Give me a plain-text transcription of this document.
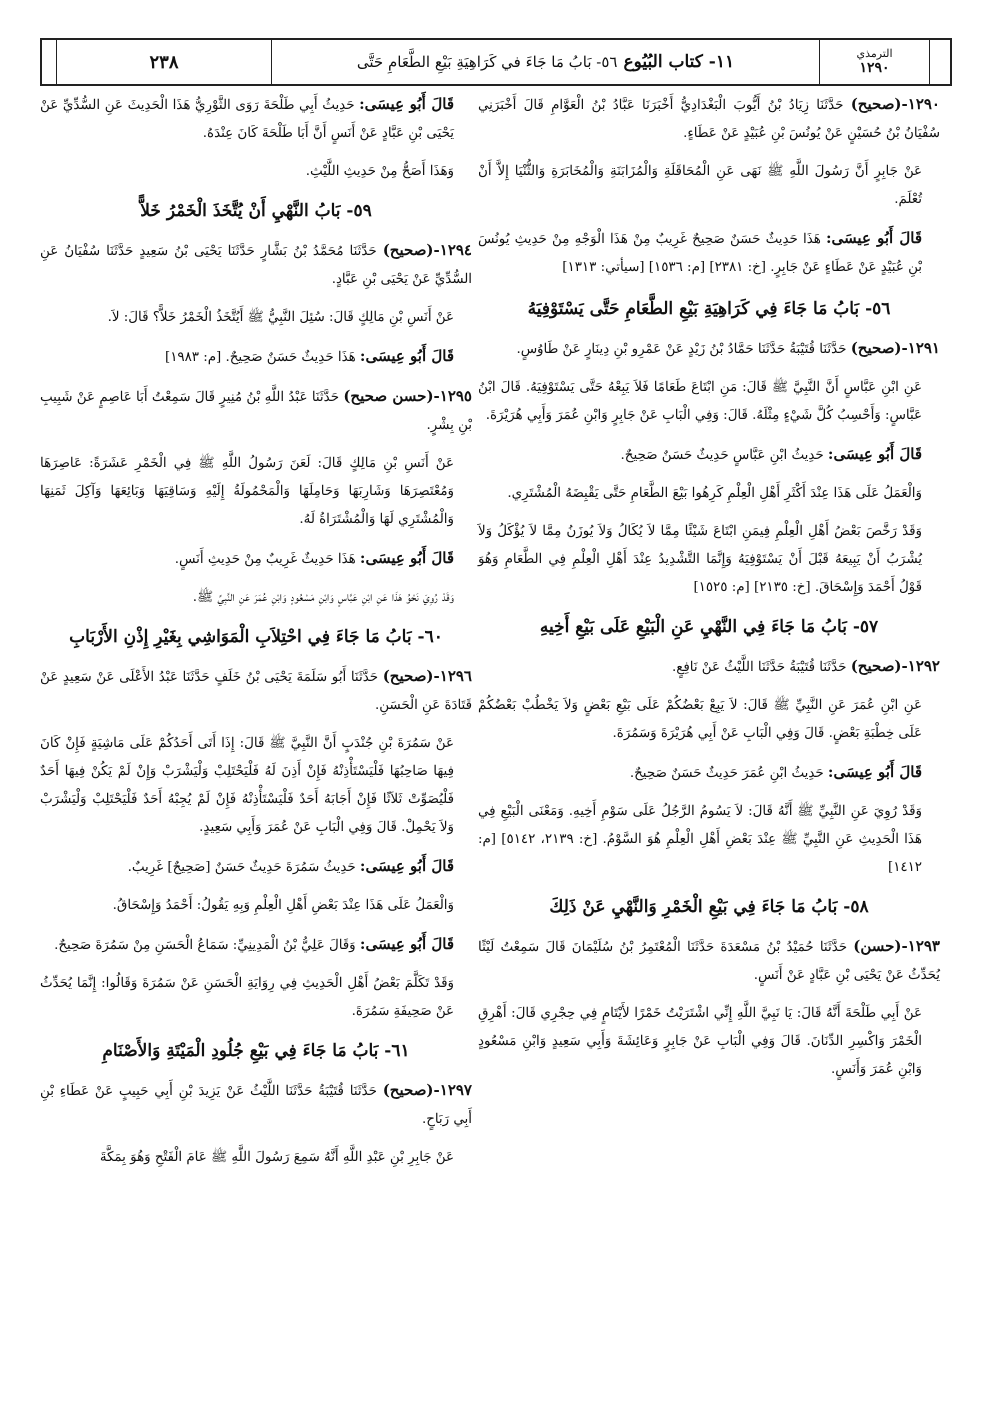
٢٣٨	١١- كتاب البُيُوع
٥٦- بَابُ مَا جَاءَ في كَرَاهِيَةِ بَيْعِ الطَّعَامِ حَتَّى	الترمذي
١٢٩٠
١٢٩٠-(صحيح) حَدَّثَنَا زِيَادُ بْنُ أَيُّوبَ الْبَغْدَادِيُّ أَخْبَرَنَا عَبَّادُ بْنُ الْعَوَّامِ قَالَ أَخْبَرَنِي سُفْيَانُ بْنُ حُسَيْنٍ عَنْ يُونُسَ بْنِ عُبَيْدٍ عَنْ عَطَاءٍ.
عَنْ جَابِرٍ أَنَّ رَسُولَ اللَّهِ ﷺ نَهَى عَنِ الْمُحَاقَلَةِ وَالْمُزَابَنَةِ وَالْمُخَابَرَةِ وَالثُّنْيَا إِلاَّ أَنْ تُعْلَمَ.
قَالَ أَبُو عِيسَى: هَذَا حَدِيثٌ حَسَنٌ صَحِيحٌ غَرِيبٌ مِنْ هَذَا الْوَجْهِ مِنْ حَدِيثِ يُونُسَ بْنِ عُبَيْدٍ عَنْ عَطَاءٍ عَنْ جَابِرٍ. [خ: ٢٣٨١] [م: ١٥٣٦] [سيأتي: ١٣١٣]
٥٦- بَابُ مَا جَاءَ فِي كَرَاهِيَةِ بَيْعِ الطَّعَامِ حَتَّى يَسْتَوْفِيَهُ
١٢٩١-(صحيح) حَدَّثَنَا قُتَيْبَةُ حَدَّثَنَا حَمَّادُ بْنُ زَيْدٍ عَنْ عَمْرِو بْنِ دِينَارٍ عَنْ طَاوُسٍ.
عَنِ ابْنِ عَبَّاسٍ أَنَّ النَّبِيَّ ﷺ قَالَ: مَنِ ابْتَاعَ طَعَامًا فَلاَ يَبِعْهُ حَتَّى يَسْتَوْفِيَهُ. قَالَ ابْنُ عَبَّاسٍ: وَأَحْسِبُ كُلَّ شَيْءٍ مِثْلَهُ. قَالَ: وَفِي الْبَابِ عَنْ جَابِرٍ وَابْنِ عُمَرَ وَأَبِي هُرَيْرَةَ.
قَالَ أَبُو عِيسَى: حَدِيثُ ابْنِ عَبَّاسٍ حَدِيثٌ حَسَنٌ صَحِيحٌ.
وَالْعَمَلُ عَلَى هَذَا عِنْدَ أَكْثَرِ أَهْلِ الْعِلْمِ كَرِهُوا بَيْعَ الطَّعَامِ حَتَّى يَقْبِضَهُ الْمُشْتَرِي.
وَقَدْ رَخَّصَ بَعْضُ أَهْلِ الْعِلْمِ فِيمَنِ ابْتَاعَ شَيْئًا مِمَّا لاَ يُكَالُ وَلاَ يُوزَنُ مِمَّا لاَ يُؤْكَلُ وَلاَ يُشْرَبُ أَنْ يَبِيعَهُ قَبْلَ أَنْ يَسْتَوْفِيَهُ وَإِنَّمَا التَّشْدِيدُ عِنْدَ أَهْلِ الْعِلْمِ فِي الطَّعَامِ وَهُوَ قَوْلُ أَحْمَدَ وَإِسْحَاقَ. [خ: ٢١٣٥] [م: ١٥٢٥]
٥٧- بَابُ مَا جَاءَ فِي النَّهْيِ عَنِ الْبَيْعِ عَلَى بَيْعِ أَخِيهِ
١٢٩٢-(صحيح) حَدَّثَنَا قُتَيْبَةُ حَدَّثَنَا اللَّيْثُ عَنْ نَافِعٍ.
عَنِ ابْنِ عُمَرَ عَنِ النَّبِيِّ ﷺ قَالَ: لاَ يَبِعْ بَعْضُكُمْ عَلَى بَيْعِ بَعْضٍ وَلاَ يَخْطُبْ بَعْضُكُمْ عَلَى خِطْبَةِ بَعْضٍ. قَالَ وَفِي الْبَابِ عَنْ أَبِي هُرَيْرَةَ وَسَمُرَةَ.
قَالَ أَبُو عِيسَى: حَدِيثُ ابْنِ عُمَرَ حَدِيثٌ حَسَنٌ صَحِيحٌ.
وَقَدْ رُوِيَ عَنِ النَّبِيِّ ﷺ أَنَّهُ قَالَ: لاَ يَسُومُ الرَّجُلُ عَلَى سَوْمِ أَخِيهِ. وَمَعْنَى الْبَيْعِ فِي هَذَا الْحَدِيثِ عَنِ النَّبِيِّ ﷺ عِنْدَ بَعْضِ أَهْلِ الْعِلْمِ هُوَ السَّوْمُ. [خ: ٢١٣٩، ٥١٤٢] [م: ١٤١٢]
٥٨- بَابُ مَا جَاءَ فِي بَيْعِ الْخَمْرِ وَالنَّهْيِ عَنْ ذَلِكَ
١٢٩٣-(حسن) حَدَّثَنَا حُمَيْدُ بْنُ مَسْعَدَةَ حَدَّثَنَا الْمُعْتَمِرُ بْنُ سُلَيْمَانَ قَالَ سَمِعْتُ لَيْثًا يُحَدِّثُ عَنْ يَحْيَى بْنِ عَبَّادٍ عَنْ أَنَسٍ.
عَنْ أَبِي طَلْحَةَ أَنَّهُ قَالَ: يَا نَبِيَّ اللَّهِ إِنِّي اشْتَرَيْتُ خَمْرًا لأَيْتَامٍ فِي حِجْرِي قَالَ: أَهْرِقِ الْخَمْرَ وَاكْسِرِ الدِّنَانَ. قَالَ وَفِي الْبَابِ عَنْ جَابِرٍ وَعَائِشَةَ وَأَبِي سَعِيدٍ وَابْنِ مَسْعُودٍ وَابْنِ عُمَرَ وَأَنَسٍ.
قَالَ أَبُو عِيسَى: حَدِيثُ أَبِي طَلْحَةَ رَوَى الثَّوْرِيُّ هَذَا الْحَدِيثَ عَنِ السُّدِّيِّ عَنْ يَحْيَى بْنِ عَبَّادٍ عَنْ أَنَسٍ أَنَّ أَبَا طَلْحَةَ كَانَ عِنْدَهُ.
وَهَذَا أَصَحُّ مِنْ حَدِيثِ اللَّيْثِ.
٥٩- بَابُ النَّهْيِ أَنْ يُتَّخَذَ الْخَمْرُ خَلاًّ
١٢٩٤-(صحيح) حَدَّثَنَا مُحَمَّدُ بْنُ بَشَّارٍ حَدَّثَنَا يَحْيَى بْنُ سَعِيدٍ حَدَّثَنَا سُفْيَانُ عَنِ السُّدِّيِّ عَنْ يَحْيَى بْنِ عَبَّادٍ.
عَنْ أَنَسِ بْنِ مَالِكٍ قَالَ: سُئِلَ النَّبِيُّ ﷺ أَيُتَّخَذُ الْخَمْرُ خَلاًّ؟ قَالَ: لاَ.
قَالَ أَبُو عِيسَى: هَذَا حَدِيثٌ حَسَنٌ صَحِيحٌ. [م: ١٩٨٣]
١٢٩٥-(حسن صحيح) حَدَّثَنَا عَبْدُ اللَّهِ بْنُ مُنِيرٍ قَالَ سَمِعْتُ أَبَا عَاصِمٍ عَنْ شَبِيبِ بْنِ بِشْرٍ.
عَنْ أَنَسِ بْنِ مَالِكٍ قَالَ: لَعَنَ رَسُولُ اللَّهِ ﷺ فِي الْخَمْرِ عَشَرَةً: عَاصِرَهَا وَمُعْتَصِرَهَا وَشَارِبَهَا وَحَامِلَهَا وَالْمَحْمُولَةُ إِلَيْهِ وَسَاقِيَهَا وَبَائِعَهَا وَآكِلَ ثَمَنِهَا وَالْمُشْتَرِي لَهَا وَالْمُشْتَرَاةُ لَهُ.
قَالَ أَبُو عِيسَى: هَذَا حَدِيثٌ غَرِيبٌ مِنْ حَدِيثِ أَنَسٍ.
وَقَدْ رُوِيَ نَحْوُ هَذَا عَنِ ابْنِ عَبَّاسٍ وَابْنِ مَسْعُودٍ وَابْنِ عُمَرَ عَنِ النَّبِيِّ ﷺ.
٦٠- بَابُ مَا جَاءَ فِي احْتِلاَبِ الْمَوَاشِي بِغَيْرِ إِذْنِ الأَرْبَابِ
١٢٩٦-(صحيح) حَدَّثَنَا أَبُو سَلَمَةَ يَحْيَى بْنُ خَلَفٍ حَدَّثَنَا عَبْدُ الأَعْلَى عَنْ سَعِيدٍ عَنْ قَتَادَةَ عَنِ الْحَسَنِ.
عَنْ سَمُرَةَ بْنِ جُنْدَبٍ أَنَّ النَّبِيَّ ﷺ قَالَ: إِذَا أَتَى أَحَدُكُمْ عَلَى مَاشِيَةٍ فَإِنْ كَانَ فِيهَا صَاحِبُهَا فَلْيَسْتَأْذِنْهُ فَإِنْ أَذِنَ لَهُ فَلْيَحْتَلِبْ وَلْيَشْرَبْ وَإِنْ لَمْ يَكُنْ فِيهَا أَحَدٌ فَلْيُصَوِّتْ ثَلاَثًا فَإِنْ أَجَابَهُ أَحَدٌ فَلْيَسْتَأْذِنْهُ فَإِنْ لَمْ يُجِبْهُ أَحَدٌ فَلْيَحْتَلِبْ وَلْيَشْرَبْ وَلاَ يَحْمِلْ. قَالَ وَفِي الْبَابِ عَنْ عُمَرَ وَأَبِي سَعِيدٍ.
قَالَ أَبُو عِيسَى: حَدِيثُ سَمُرَةَ حَدِيثٌ حَسَنٌ [صَحِيحٌ] غَرِيبٌ.
وَالْعَمَلُ عَلَى هَذَا عِنْدَ بَعْضِ أَهْلِ الْعِلْمِ وَبِهِ يَقُولُ: أَحْمَدُ وَإِسْحَاقُ.
قَالَ أَبُو عِيسَى: وَقَالَ عَلِيُّ بْنُ الْمَدِينِيِّ: سَمَاعُ الْحَسَنِ مِنْ سَمُرَةَ صَحِيحٌ.
وَقَدْ تَكَلَّمَ بَعْضُ أَهْلِ الْحَدِيثِ فِي رِوَايَةِ الْحَسَنِ عَنْ سَمُرَةَ وَقَالُوا: إِنَّمَا يُحَدِّثُ عَنْ صَحِيفَةِ سَمُرَةَ.
٦١- بَابُ مَا جَاءَ فِي بَيْعِ جُلُودِ الْمَيْتَةِ وَالأَصْنَامِ
١٢٩٧-(صحيح) حَدَّثَنَا قُتَيْبَةُ حَدَّثَنَا اللَّيْثُ عَنْ يَزِيدَ بْنِ أَبِي حَبِيبٍ عَنْ عَطَاءِ بْنِ أَبِي رَبَاحٍ.
عَنْ جَابِرِ بْنِ عَبْدِ اللَّهِ أَنَّهُ سَمِعَ رَسُولَ اللَّهِ ﷺ عَامَ الْفَتْحِ وَهُوَ بِمَكَّةَ
